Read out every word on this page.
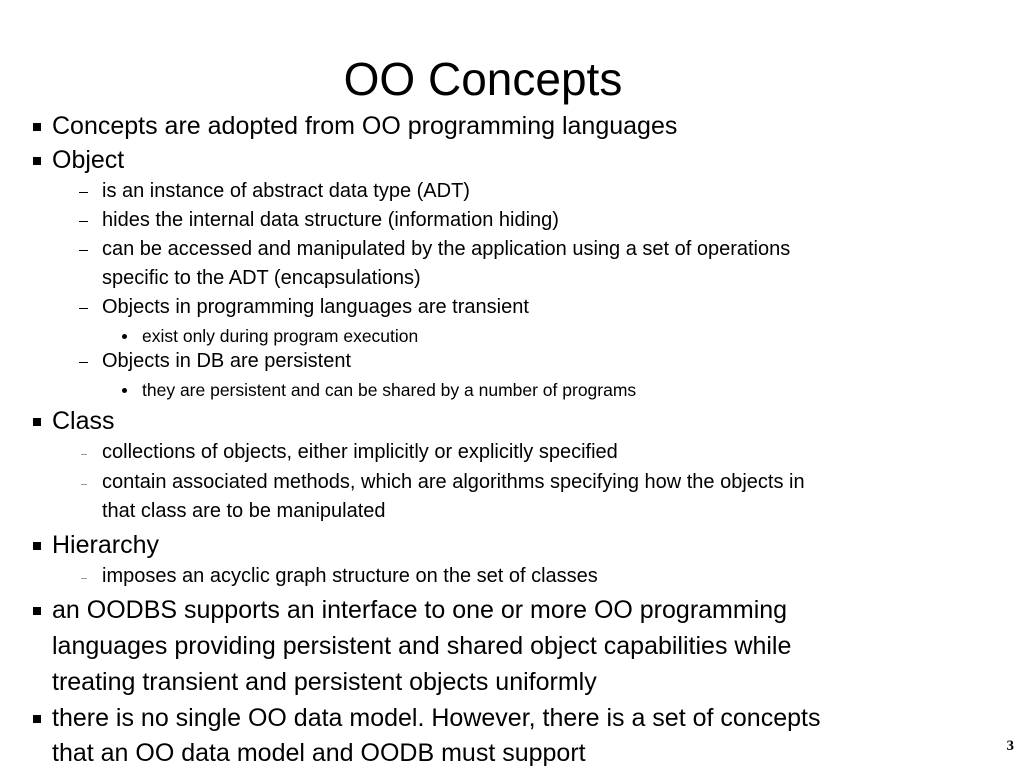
OO Concepts
Concepts are adopted from OO programming languages
Object
is an instance of abstract data type (ADT)
hides the internal data structure (information hiding)
can be accessed and manipulated by the application using a set of operations
specific to the ADT (encapsulations)
Objects in programming languages are transient
exist only during program execution
Objects in DB are persistent
they are persistent and can be shared by a number of programs
Class
collections of objects, either implicitly or explicitly specified
contain associated methods, which are algorithms specifying how the objects in
that class are to be manipulated
Hierarchy
imposes an acyclic graph structure on the set of classes
an OODBS supports an interface to one or more OO programming
languages providing persistent and shared object capabilities while
treating transient and persistent objects uniformly
there is no single OO data model. However, there is a set of concepts
that an OO data model and OODB must support	3
